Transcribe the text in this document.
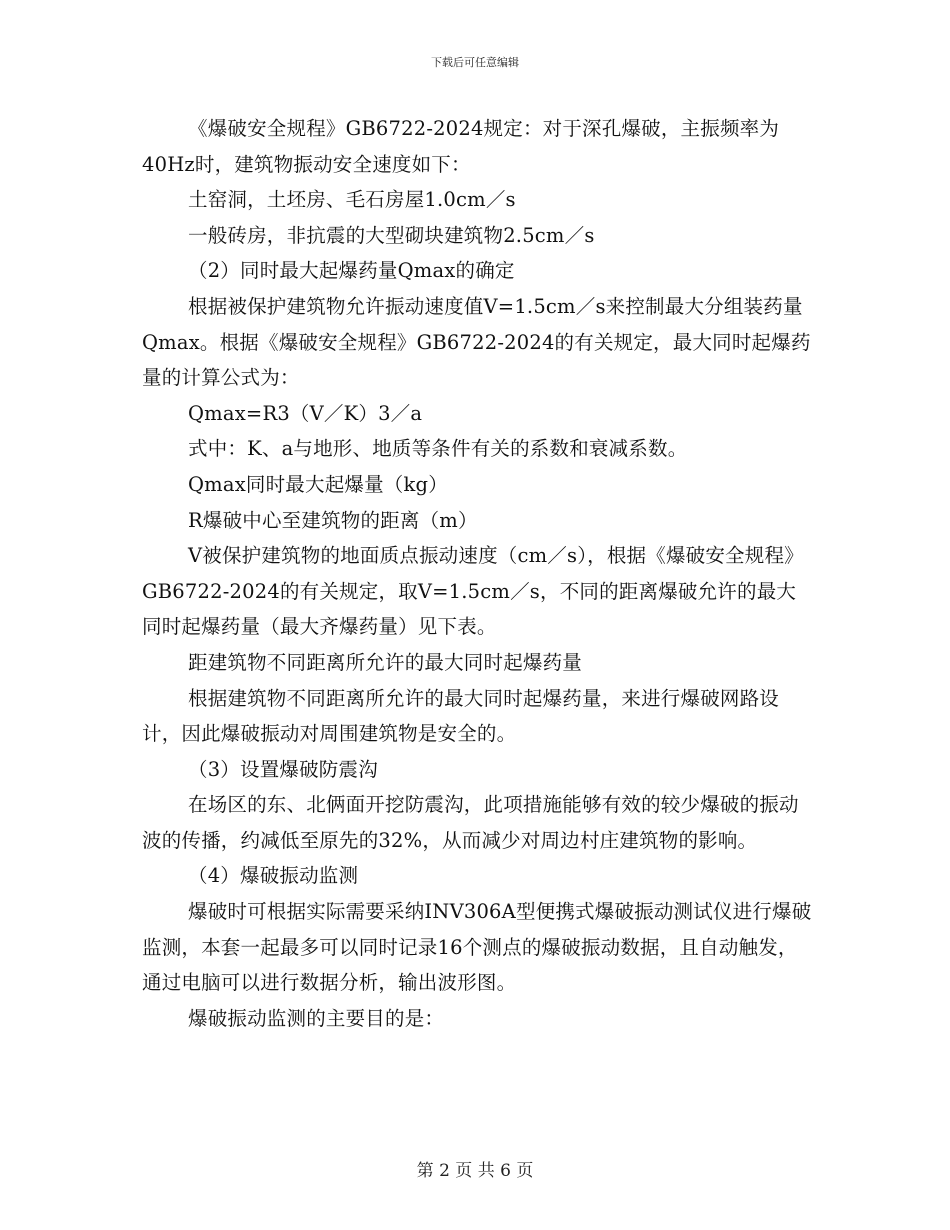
下载后可任意编辑

《爆破安全规程》GB6722-2024规定：对于深孔爆破，主振频率为40Hz时，建筑物振动安全速度如下：

土窑洞，土坯房、毛石房屋1.0cm／s

一般砖房，非抗震的大型砌块建筑物2.5cm／s

（2）同时最大起爆药量Qmax的确定

根据被保护建筑物允许振动速度值V=1.5cm／s来控制最大分组装药量Qmax。根据《爆破安全规程》GB6722-2024的有关规定，最大同时起爆药量的计算公式为：

Qmax=R3（V／K）3／a

式中：K、a与地形、地质等条件有关的系数和衰减系数。

Qmax同时最大起爆量（kg）

R爆破中心至建筑物的距离（m）

V被保护建筑物的地面质点振动速度（cm／s），根据《爆破安全规程》GB6722-2024的有关规定，取V=1.5cm／s，不同的距离爆破允许的最大同时起爆药量（最大齐爆药量）见下表。

距建筑物不同距离所允许的最大同时起爆药量

根据建筑物不同距离所允许的最大同时起爆药量，来进行爆破网路设计，因此爆破振动对周围建筑物是安全的。

（3）设置爆破防震沟

在场区的东、北俩面开挖防震沟，此项措施能够有效的较少爆破的振动波的传播，约减低至原先的32%，从而减少对周边村庄建筑物的影响。

（4）爆破振动监测

爆破时可根据实际需要采纳INV306A型便携式爆破振动测试仪进行爆破监测，本套一起最多可以同时记录16个测点的爆破振动数据，且自动触发，通过电脑可以进行数据分析，输出波形图。

爆破振动监测的主要目的是：

第 2 页 共 6 页
